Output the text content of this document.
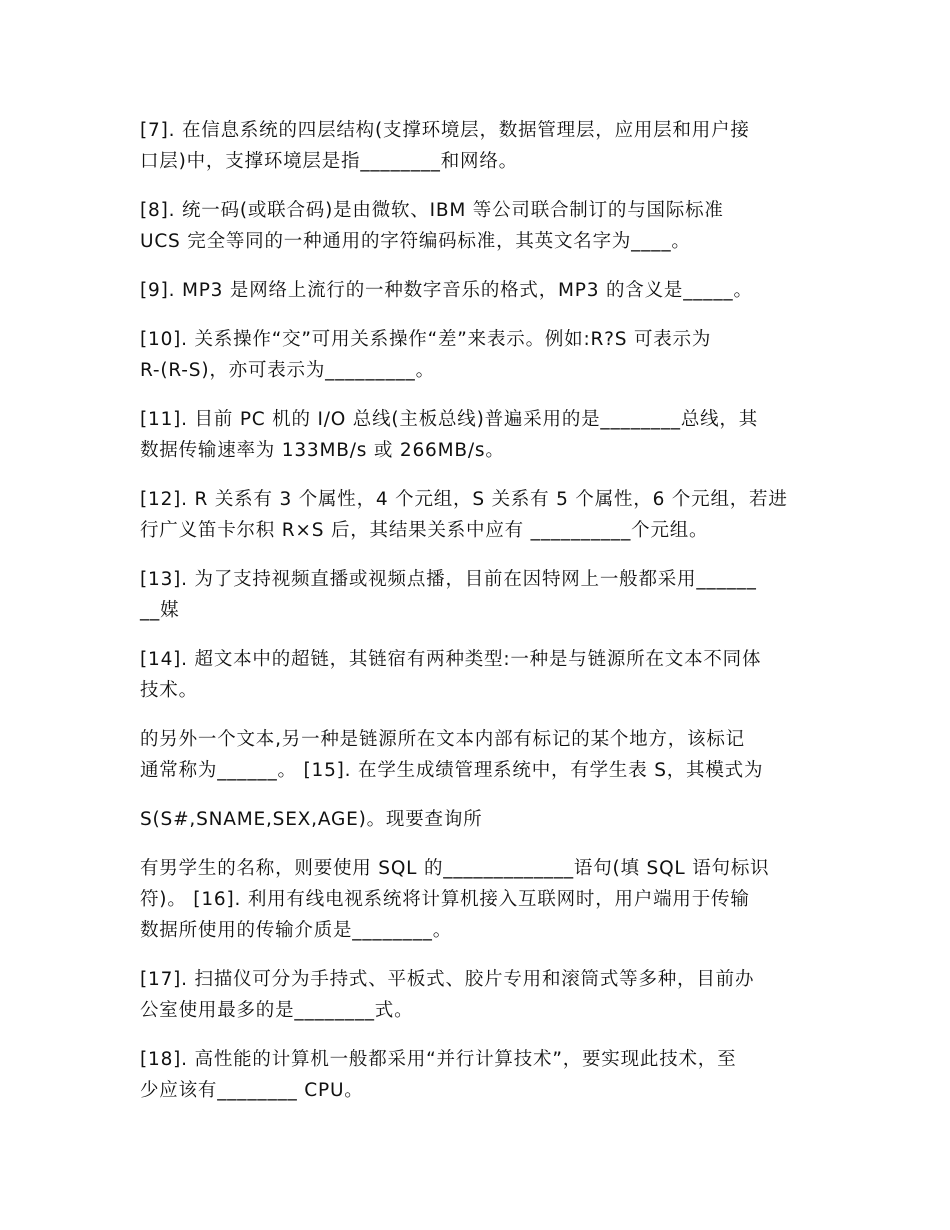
[7]. 在信息系统的四层结构(支撑环境层，数据管理层，应用层和用户接
口层)中，支撑环境层是指________和网络。

[8]. 统一码(或联合码)是由微软、IBM 等公司联合制订的与国际标准
UCS 完全等同的一种通用的字符编码标准，其英文名字为____。

[9]. MP3 是网络上流行的一种数字音乐的格式，MP3 的含义是_____。

[10]. 关系操作“交”可用关系操作“差”来表示。例如:R?S 可表示为
R-(R-S)，亦可表示为_________。

[11]. 目前 PC 机的 I/O 总线(主板总线)普遍采用的是________总线，其
数据传输速率为 133MB/s 或 266MB/s。

[12]. R 关系有 3 个属性，4 个元组，S 关系有 5 个属性，6 个元组，若进
行广义笛卡尔积 R×S 后，其结果关系中应有 __________个元组。

[13]. 为了支持视频直播或视频点播，目前在因特网上一般都采用______
__媒

[14]. 超文本中的超链，其链宿有两种类型:一种是与链源所在文本不同体
技术。

的另外一个文本,另一种是链源所在文本内部有标记的某个地方，该标记
通常称为______。 [15]. 在学生成绩管理系统中，有学生表 S，其模式为

S(S#,SNAME,SEX,AGE)。现要查询所

有男学生的名称，则要使用 SQL 的_____________语句(填 SQL 语句标识
符)。 [16]. 利用有线电视系统将计算机接入互联网时，用户端用于传输
数据所使用的传输介质是________。

[17]. 扫描仪可分为手持式、平板式、胶片专用和滚筒式等多种，目前办
公室使用最多的是________式。

[18]. 高性能的计算机一般都采用“并行计算技术”，要实现此技术，至
少应该有________ CPU。
